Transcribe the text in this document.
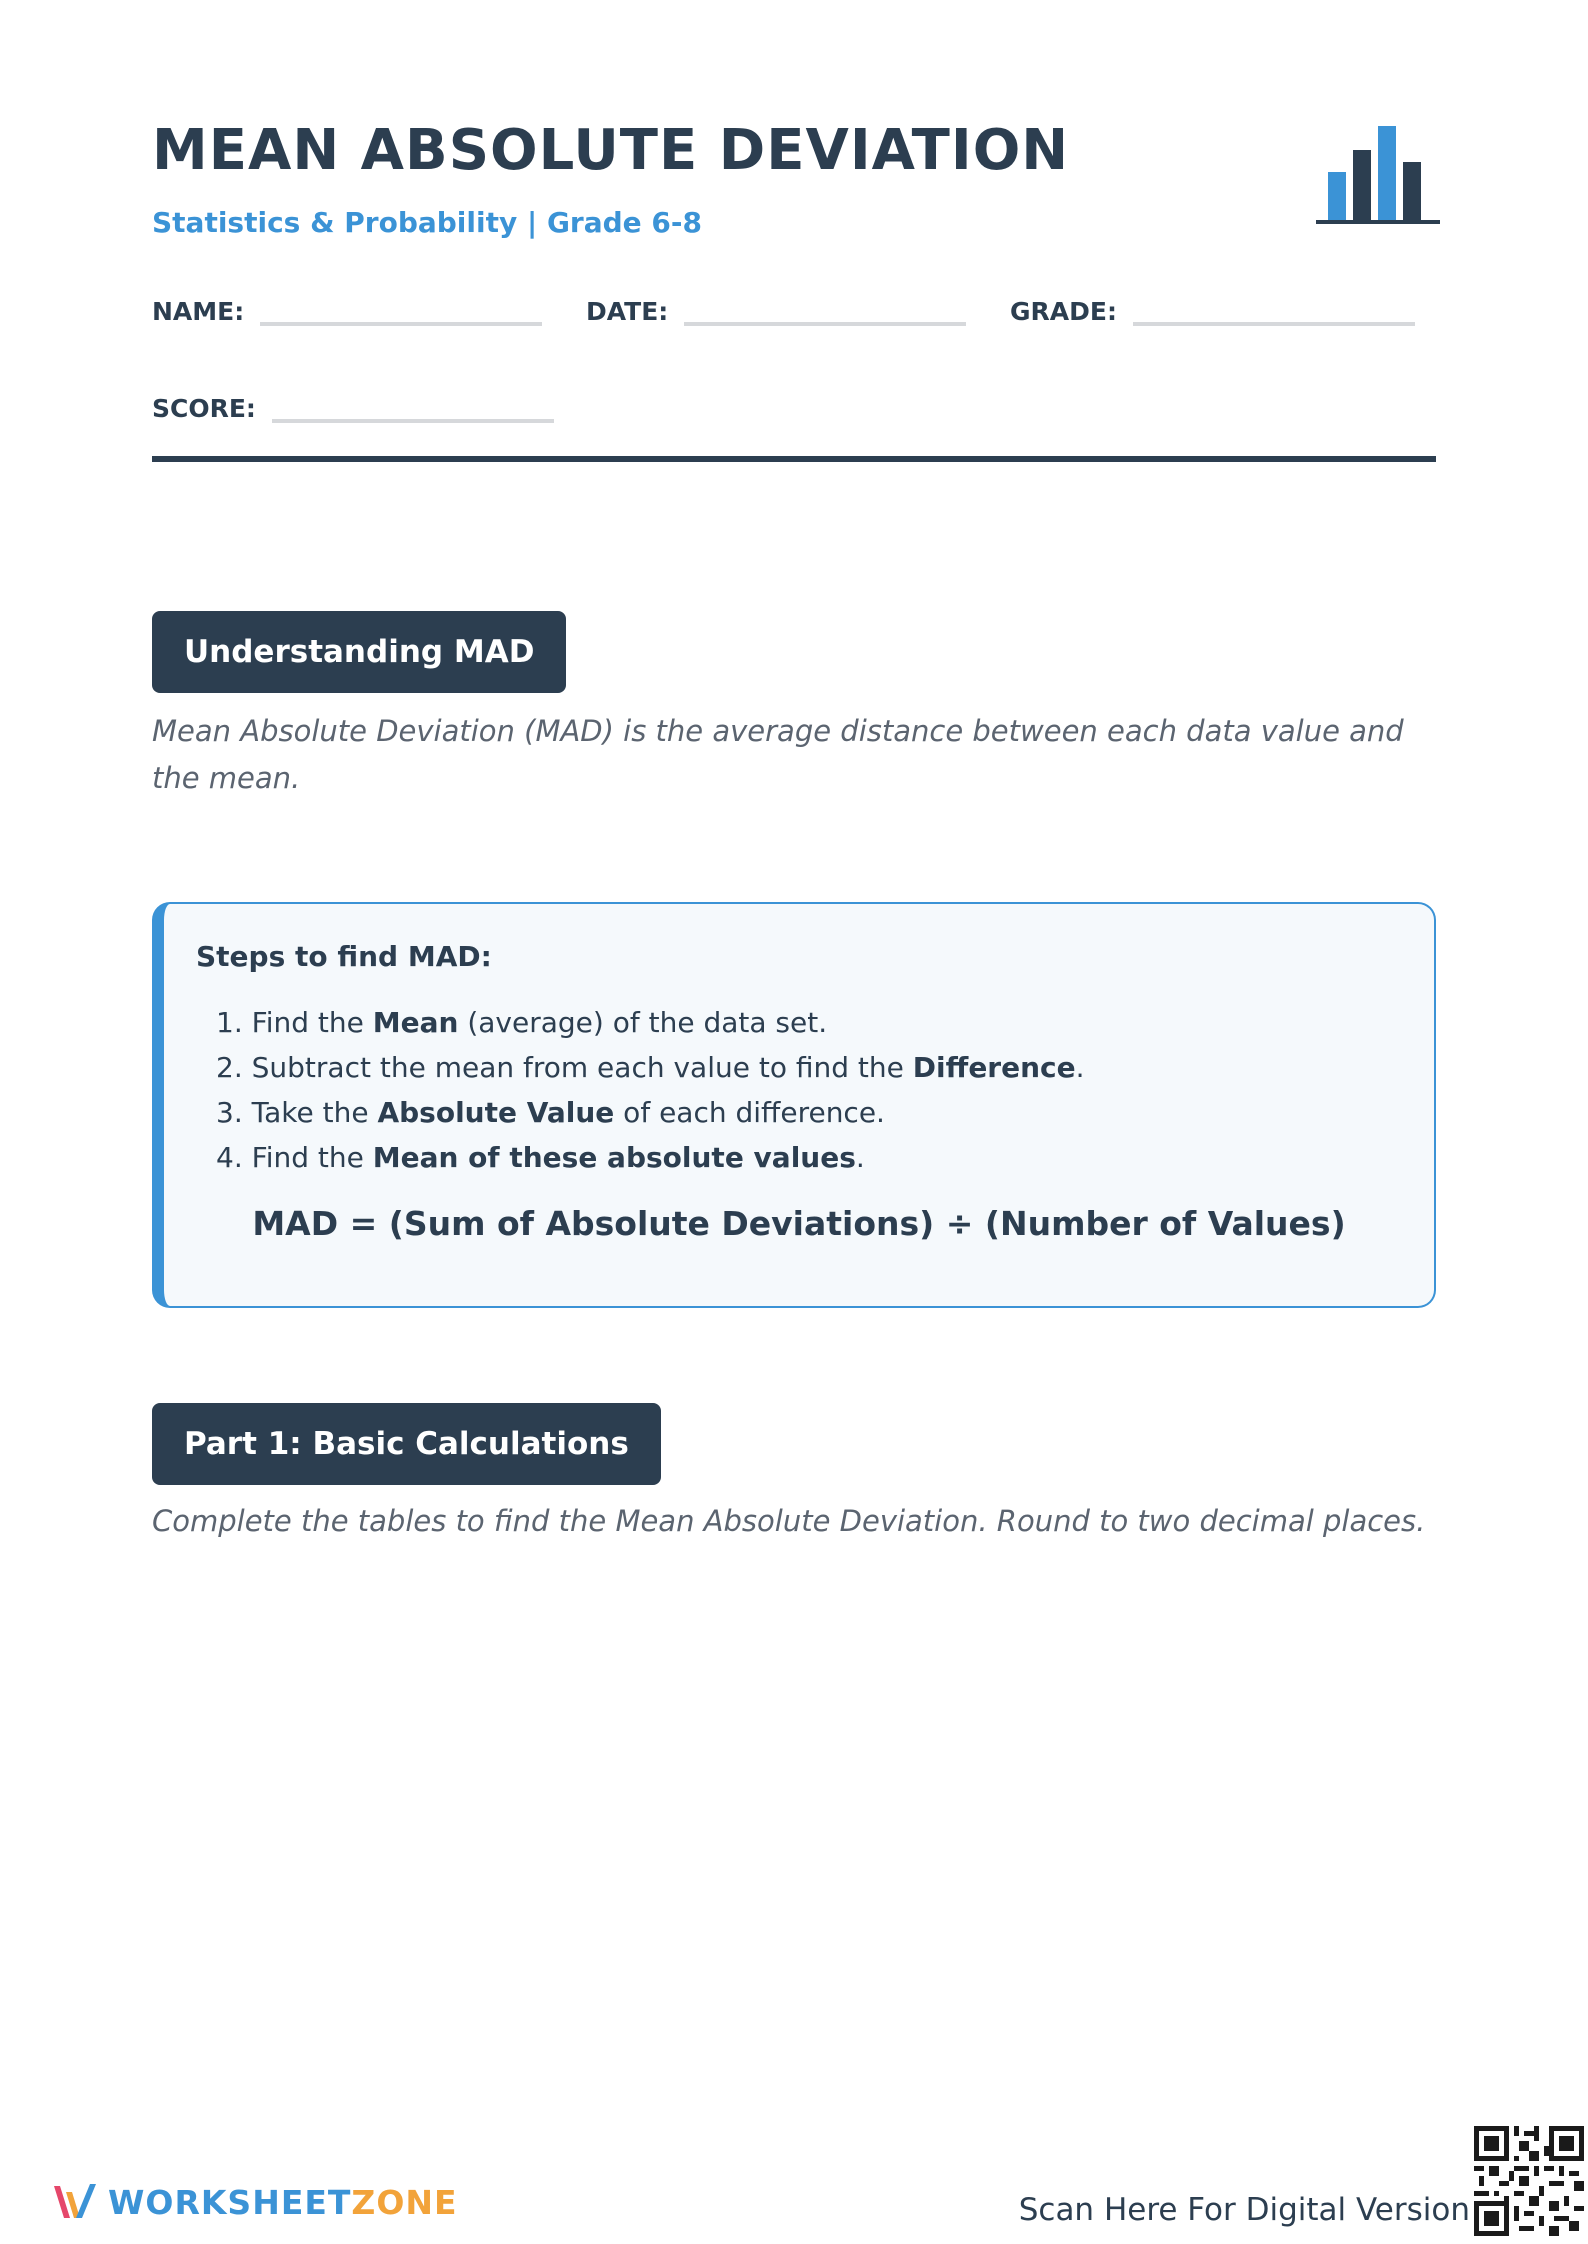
MEAN ABSOLUTE DEVIATION
Statistics & Probability | Grade 6-8
NAME:	DATE:	GRADE:
SCORE:
Understanding MAD

Mean Absolute Deviation (MAD) is the average distance between each data value and the mean.

Steps to find MAD:
1. Find the Mean (average) of the data set.
2. Subtract the mean from each value to find the Difference.
3. Take the Absolute Value of each difference.
4. Find the Mean of these absolute values.
MAD = (Sum of Absolute Deviations) ÷ (Number of Values)
Part 1: Basic Calculations

Complete the tables to find the Mean Absolute Deviation. Round to two decimal places.

WORKSHEETZONE	Scan Here For Digital Version
